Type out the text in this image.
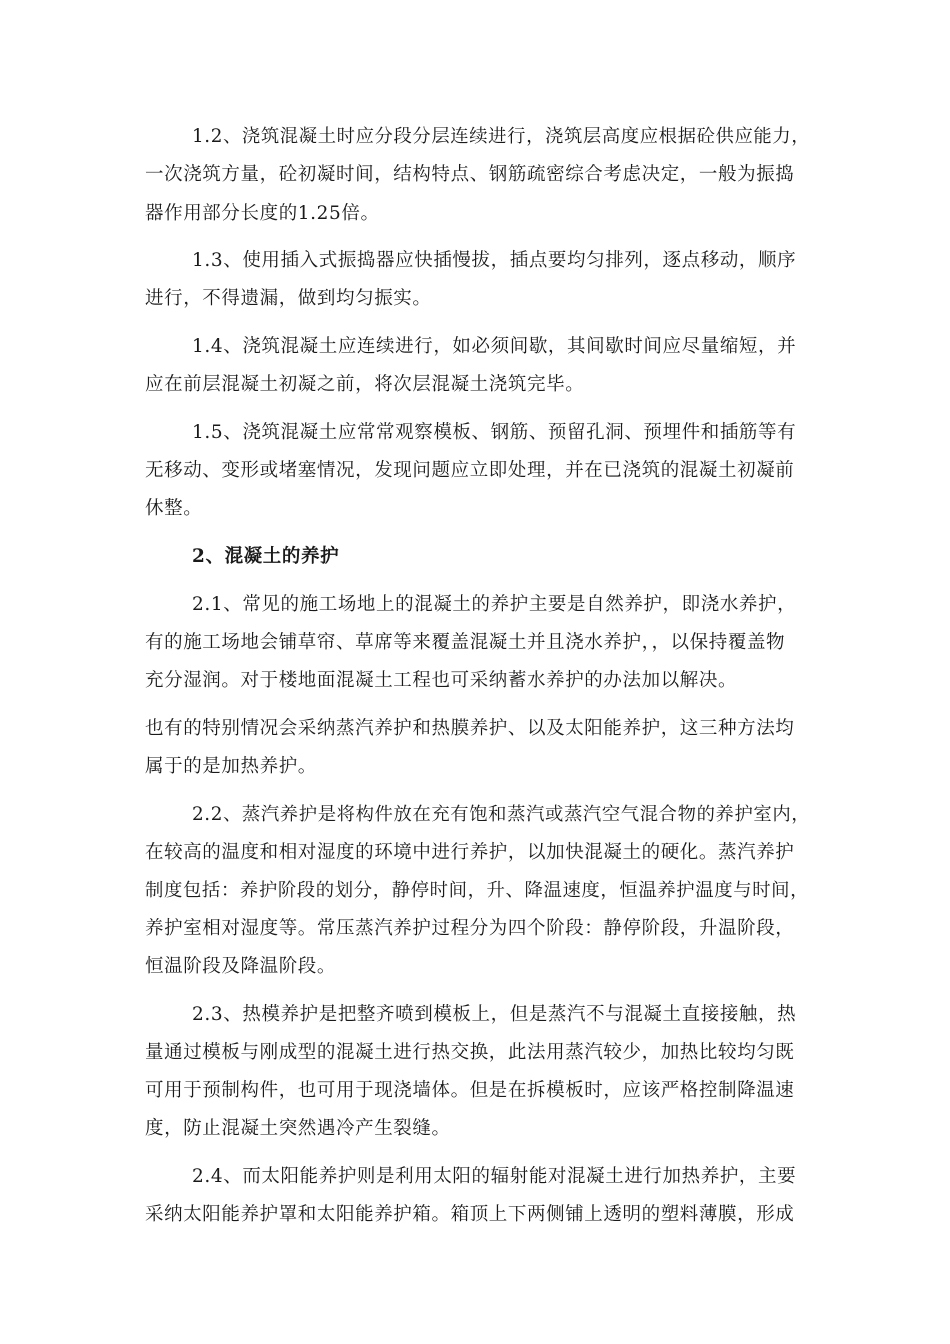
1.2、浇筑混凝土时应分段分层连续进行，浇筑层高度应根据砼供应能力，
一次浇筑方量，砼初凝时间，结构特点、钢筋疏密综合考虑决定，一般为振捣
器作用部分长度的1.25倍。
1.3、使用插入式振捣器应快插慢拔，插点要均匀排列，逐点移动，顺序
进行，不得遗漏，做到均匀振实。
1.4、浇筑混凝土应连续进行，如必须间歇，其间歇时间应尽量缩短，并
应在前层混凝土初凝之前，将次层混凝土浇筑完毕。
1.5、浇筑混凝土应常常观察模板、钢筋、预留孔洞、预埋件和插筋等有
无移动、变形或堵塞情况，发现问题应立即处理，并在已浇筑的混凝土初凝前
休整。
2、混凝土的养护
2.1、常见的施工场地上的混凝土的养护主要是自然养护，即浇水养护，
有的施工场地会铺草帘、草席等来覆盖混凝土并且浇水养护，，以保持覆盖物
充分湿润。对于楼地面混凝土工程也可采纳蓄水养护的办法加以解决。
也有的特别情况会采纳蒸汽养护和热膜养护、以及太阳能养护，这三种方法均
属于的是加热养护。
2.2、蒸汽养护是将构件放在充有饱和蒸汽或蒸汽空气混合物的养护室内，
在较高的温度和相对湿度的环境中进行养护，以加快混凝土的硬化。蒸汽养护
制度包括：养护阶段的划分，静停时间，升、降温速度，恒温养护温度与时间，
养护室相对湿度等。常压蒸汽养护过程分为四个阶段：静停阶段，升温阶段，
恒温阶段及降温阶段。
2.3、热模养护是把整齐喷到模板上，但是蒸汽不与混凝土直接接触，热
量通过模板与刚成型的混凝土进行热交换，此法用蒸汽较少，加热比较均匀既
可用于预制构件，也可用于现浇墙体。但是在拆模板时，应该严格控制降温速
度，防止混凝土突然遇冷产生裂缝。
2.4、而太阳能养护则是利用太阳的辐射能对混凝土进行加热养护，主要
采纳太阳能养护罩和太阳能养护箱。箱顶上下两侧铺上透明的塑料薄膜，形成
